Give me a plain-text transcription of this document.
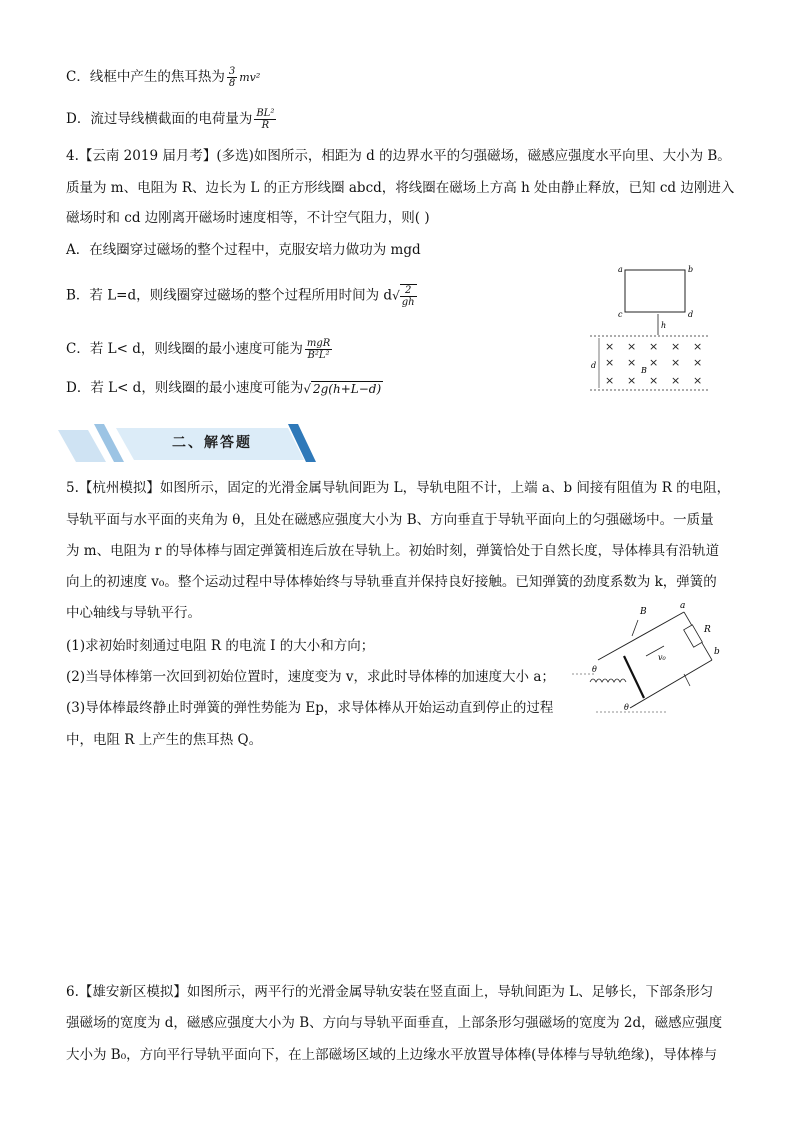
C．线框中产生的焦耳热为 $\frac{3}{8} mv^2$
D．流过导线横截面的电荷量为 $\frac{\text{BL²}}{R}$
4.【云南 2019 届月考】(多选)如图所示，相距为 d 的边界水平的匀强磁场，磁感应强度水平向里、大小为 B。
质量为 m、电阻为 R、边长为 L 的正方形线圈 abcd，将线圈在磁场上方高 h 处由静止释放，已知 cd 边刚进入
磁场时和 cd 边刚离开磁场时速度相等，不计空气阻力，则( )
A．在线圈穿过磁场的整个过程中，克服安培力做功为 mgd
B．若 L=d，则线圈穿过磁场的整个过程所用时间为 $d√ \frac{2}{gh}$
C．若 L< d，则线圈的最小速度可能为 $\frac{\text{mgR}}{\text{B²L²}}$
D．若 L< d，则线圈的最小速度可能为√ 2g(h+L−d)
a	b
c	d
h
d
B
× × × × ×
× × × × ×
× × × × ×
二、解答题
5.【杭州模拟】如图所示，固定的光滑金属导轨间距为 L，导轨电阻不计，上端 a、b 间接有阻值为 R 的电阻，
导轨平面与水平面的夹角为 θ，且处在磁感应强度大小为 B、方向垂直于导轨平面向上的匀强磁场中。一质量
为 m、电阻为 r 的导体棒与固定弹簧相连后放在导轨上。初始时刻，弹簧恰处于自然长度，导体棒具有沿轨道
向上的初速度 v₀。整个运动过程中导体棒始终与导轨垂直并保持良好接触。已知弹簧的劲度系数为 k，弹簧的
中心轴线与导轨平行。
(1)求初始时刻通过电阻 R 的电流 I 的大小和方向；
(2)当导体棒第一次回到初始位置时，速度变为 v，求此时导体棒的加速度大小 a；
(3)导体棒最终静止时弹簧的弹性势能为 Ep，求导体棒从开始运动直到停止的过程
中，电阻 R 上产生的焦耳热 Q。
B
a
R
b
v₀
θ
θ
6.【雄安新区模拟】如图所示，两平行的光滑金属导轨安装在竖直面上，导轨间距为 L、足够长，下部条形匀
强磁场的宽度为 d，磁感应强度大小为 B、方向与导轨平面垂直，上部条形匀强磁场的宽度为 2d，磁感应强度
大小为 B₀，方向平行导轨平面向下，在上部磁场区域的上边缘水平放置导体棒(导体棒与导轨绝缘)，导体棒与
